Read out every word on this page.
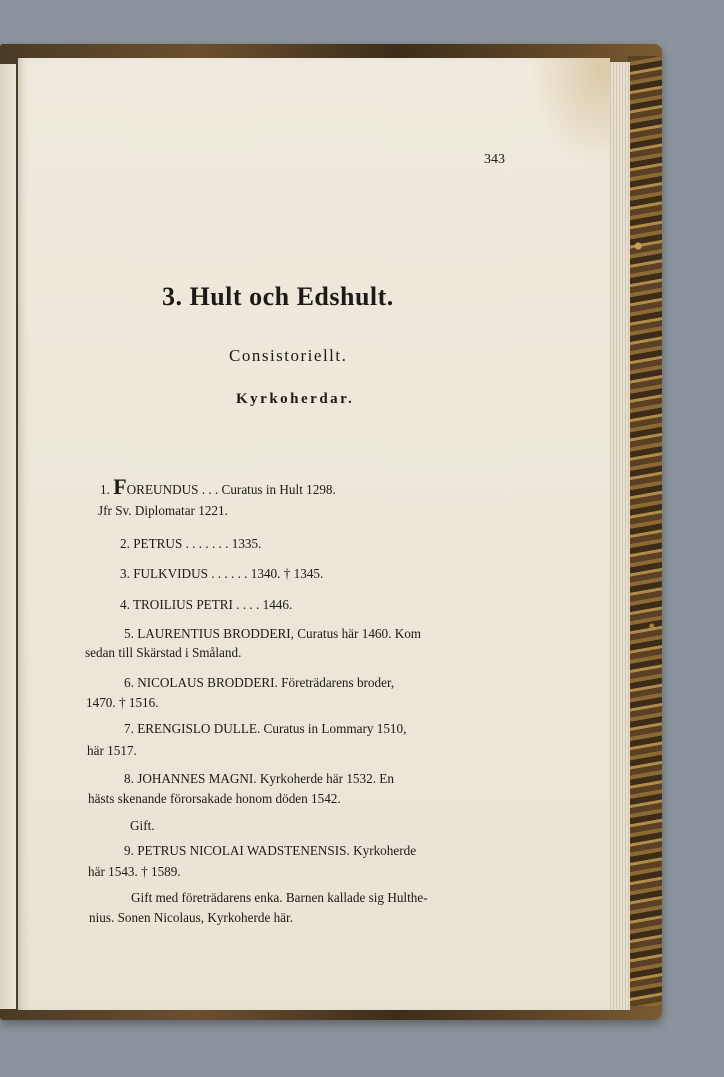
343
3. Hult och Edshult.
Consistoriellt.
Kyrkoherdar.
1. FOREUNDUS . . . Curatus in Hult 1298.
Jfr Sv. Diplomatar 1221.
2. PETRUS . . . . . . . 1335.
3. FULKVIDUS . . . . . . 1340. † 1345.
4. TROILIUS PETRI . . . . 1446.
5. LAURENTIUS BRODDERI, Curatus här 1460. Kom
sedan till Skärstad i Småland.
6. NICOLAUS BRODDERI. Företrädarens broder,
1470. † 1516.
7. ERENGISLO DULLE. Curatus in Lommary 1510,
här 1517.
8. JOHANNES MAGNI. Kyrkoherde här 1532. En
hästs skenande förorsakade honom döden 1542.
Gift.
9. PETRUS NICOLAI WADSTENENSIS. Kyrkoherde
här 1543. † 1589.
Gift med företrädarens enka. Barnen kallade sig Hulthe-
nius. Sonen Nicolaus, Kyrkoherde här.
